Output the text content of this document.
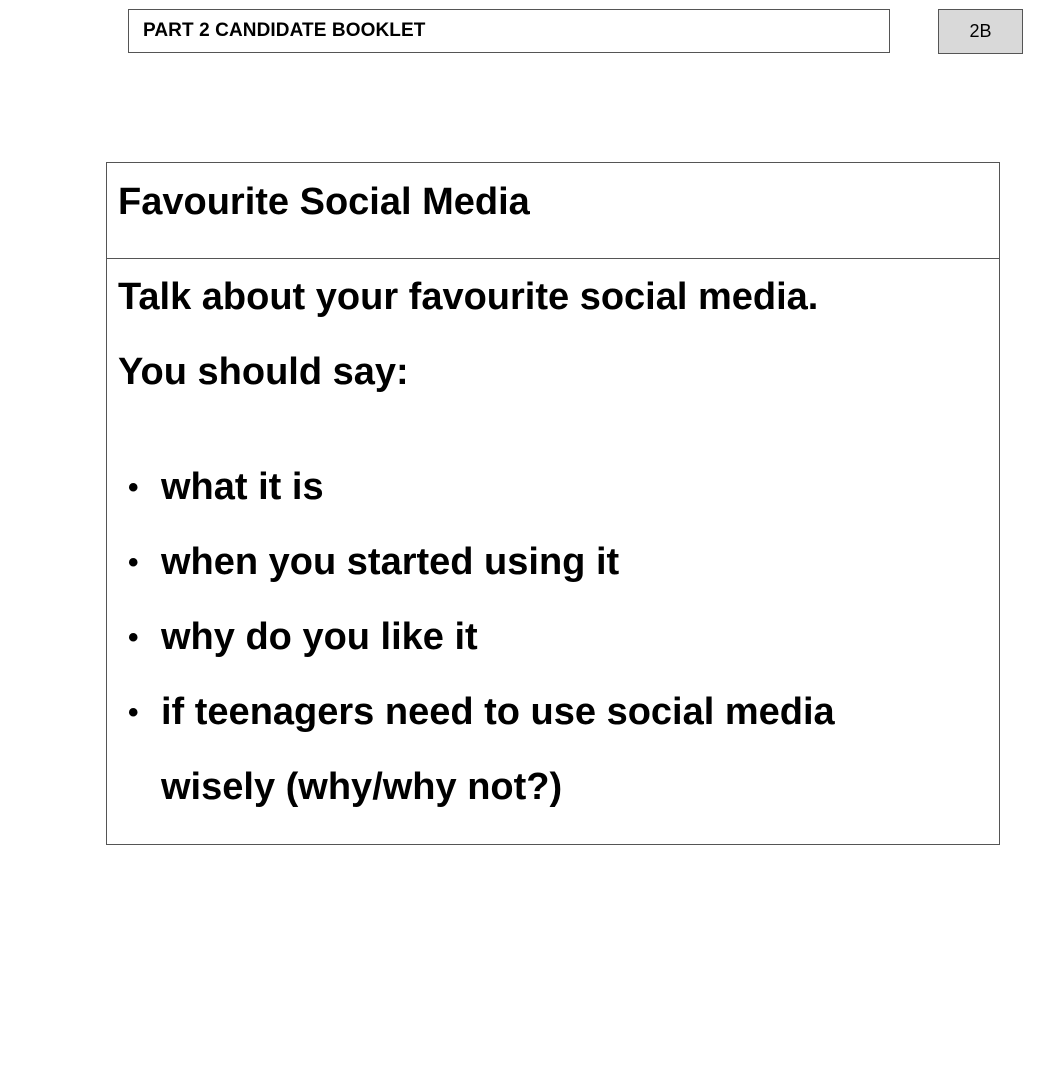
PART 2 CANDIDATE BOOKLET	2B
Favourite Social Media
Talk about your favourite social media.
You should say:
• what it is
• when you started using it
• why do you like it
• if teenagers need to use social media wisely (why/why not?)
